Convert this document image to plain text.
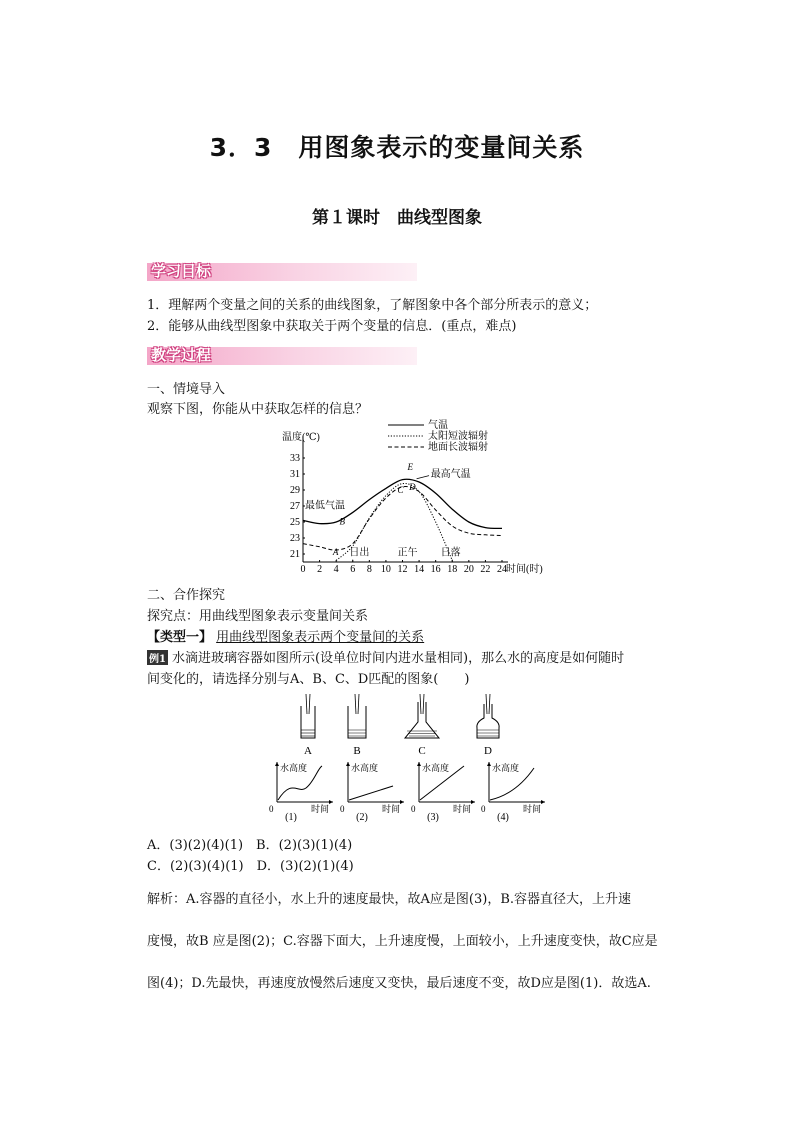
3．3　用图象表示的变量间关系
第１课时　曲线型图象
学习目标
1．理解两个变量之间的关系的曲线图象，了解图象中各个部分所表示的意义；
2．能够从曲线型图象中获取关于两个变量的信息．(重点，难点)
教学过程
一、情境导入
观察下图，你能从中获取怎样的信息？
温度(℃)
0 2 4 6 8 10 12 14 16 18 20 22 24 时间(时)
21
23
25
27
29
31
33
气温
太阳短波辐射
地面长波辐射
最低气温
B
A
C D
E
最高气温
日出	正午 日落
二、合作探究
探究点：用曲线型图象表示变量间关系
【类型一】 用曲线型图象表示两个变量间的关系
例1 水滴进玻璃容器如图所示(设单位时间内进水量相同)，那么水的高度是如何随时
间变化的，请选择分别与A、B、C、D匹配的图象(　　)
A	B	C	D
水高度
时间
0
(1)
水高度
时间
0
(2)
水高度
时间
0
(3)
水高度
时间
0
(4)
A．(3)(2)(4)(1)　B．(2)(3)(1)(4)
C．(2)(3)(4)(1)　D．(3)(2)(1)(4)
解析：A.容器的直径小，水上升的速度最快，故A应是图(3)，B.容器直径大，上升速
度慢，故B 应是图(2)；C.容器下面大，上升速度慢，上面较小，上升速度变快，故C应是
图(4)；D.先最快，再速度放慢然后速度又变快，最后速度不变，故D应是图(1)．故选A.
